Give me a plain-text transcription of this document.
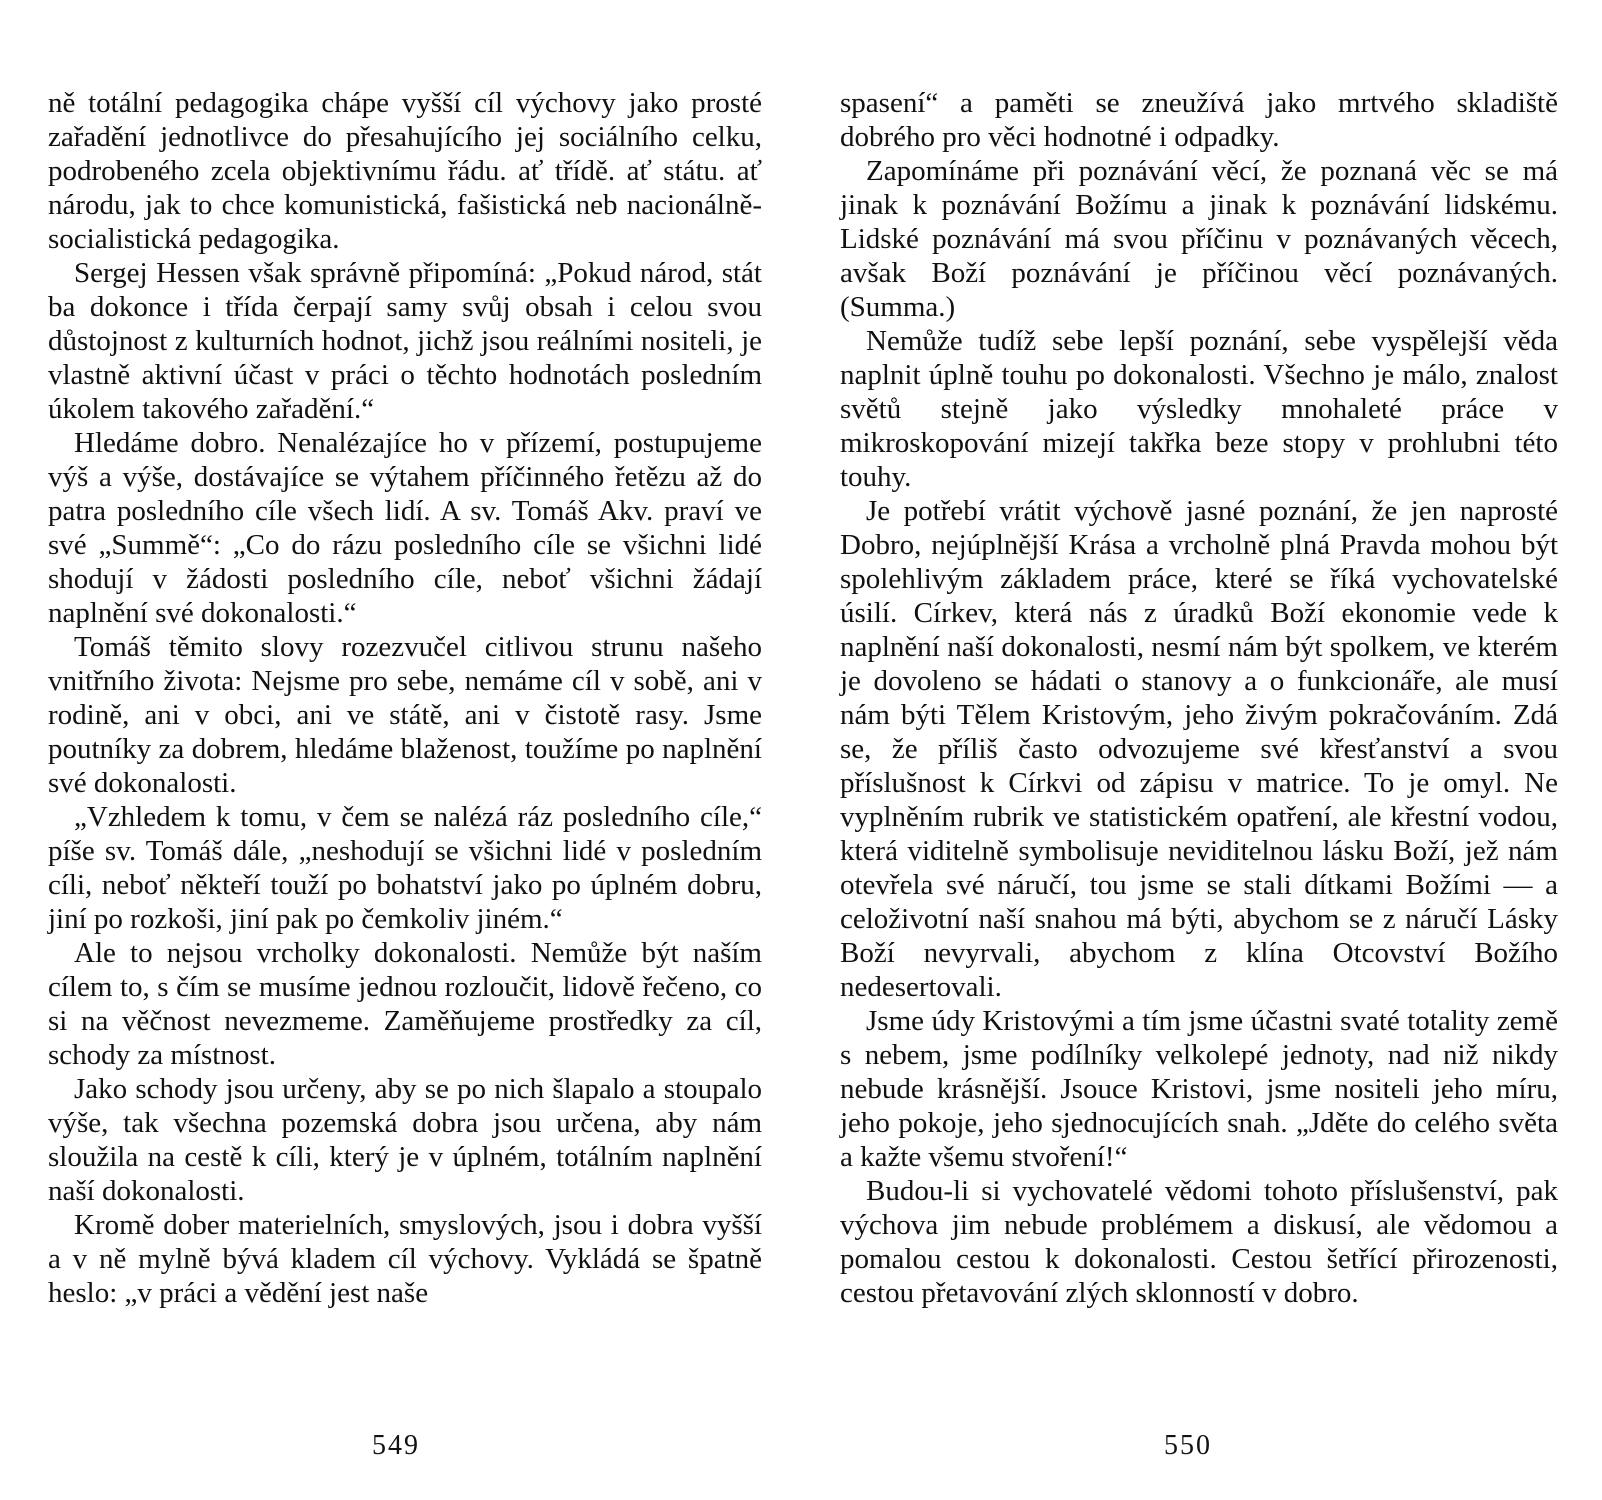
ně totální pedagogika chápe vyšší cíl výchovy jako prosté zařadění jednotlivce do přesahujícího jej sociálního celku, podrobeného zcela objektivnímu řádu. ať třídě. ať státu. ať národu, jak to chce komunistická, fašistická neb nacionálně-socialistická pedagogika.

Sergej Hessen však správně připomíná: „Pokud národ, stát ba dokonce i třída čerpají samy svůj obsah i celou svou důstojnost z kulturních hodnot, jichž jsou reálními nositeli, je vlastně aktivní účast v práci o těchto hodnotách posledním úkolem takového zařadění.“

Hledáme dobro. Nenalézajíce ho v přízemí, postupujeme výš a výše, dostávajíce se výtahem příčinného řetězu až do patra posledního cíle všech lidí. A sv. Tomáš Akv. praví ve své „Summě“: „Co do rázu posledního cíle se všichni lidé shodují v žádosti posledního cíle, neboť všichni žádají naplnění své dokonalosti.“

Tomáš těmito slovy rozezvučel citlivou strunu našeho vnitřního života: Nejsme pro sebe, nemáme cíl v sobě, ani v rodině, ani v obci, ani ve státě, ani v čistotě rasy. Jsme poutníky za dobrem, hledáme blaženost, toužíme po naplnění své dokonalosti.

„Vzhledem k tomu, v čem se nalézá ráz posledního cíle,“ píše sv. Tomáš dále, „neshodují se všichni lidé v posledním cíli, neboť někteří touží po bohatství jako po úplném dobru, jiní po rozkoši, jiní pak po čemkoliv jiném.“

Ale to nejsou vrcholky dokonalosti. Nemůže být naším cílem to, s čím se musíme jednou rozloučit, lidově řečeno, co si na věčnost nevezmeme. Zaměňujeme prostředky za cíl, schody za místnost.

Jako schody jsou určeny, aby se po nich šlapalo a stoupalo výše, tak všechna pozemská dobra jsou určena, aby nám sloužila na cestě k cíli, který je v úplném, totálním naplnění naší dokonalosti.

Kromě dober materielních, smyslových, jsou i dobra vyšší a v ně mylně bývá kladem cíl výchovy. Vykládá se špatně heslo: „v práci a vědění jest naše

549

spasení“ a paměti se zneužívá jako mrtvého skladiště dobrého pro věci hodnotné i odpadky.

Zapomínáme při poznávání věcí, že poznaná věc se má jinak k poznávání Božímu a jinak k poznávání lidskému. Lidské poznávání má svou příčinu v poznávaných věcech, avšak Boží poznávání je příčinou věcí poznávaných. (Summa.)

Nemůže tudíž sebe lepší poznání, sebe vyspělejší věda naplnit úplně touhu po dokonalosti. Všechno je málo, znalost světů stejně jako výsledky mnohaleté práce v mikroskopování mizejí takřka beze stopy v prohlubni této touhy.

Je potřebí vrátit výchově jasné poznání, že jen naprosté Dobro, nejúplnější Krása a vrcholně plná Pravda mohou být spolehlivým základem práce, které se říká vychovatelské úsilí. Církev, která nás z úradků Boží ekonomie vede k naplnění naší dokonalosti, nesmí nám být spolkem, ve kterém je dovoleno se hádati o stanovy a o funkcionáře, ale musí nám býti Tělem Kristovým, jeho živým pokračováním. Zdá se, že příliš často odvozujeme své křesťanství a svou příslušnost k Církvi od zápisu v matrice. To je omyl. Ne vyplněním rubrik ve statistickém opatření, ale křestní vodou, která viditelně symbolisuje neviditelnou lásku Boží, jež nám otevřela své náručí, tou jsme se stali dítkami Božími — a celoživotní naší snahou má býti, abychom se z náručí Lásky Boží nevyrvali, abychom z klína Otcovství Božího nedesertovali.

Jsme údy Kristovými a tím jsme účastni svaté totality země s nebem, jsme podílníky velkolepé jednoty, nad niž nikdy nebude krásnější. Jsouce Kristovi, jsme nositeli jeho míru, jeho pokoje, jeho sjednocujících snah. „Jděte do celého světa a kažte všemu stvoření!“

Budou-li si vychovatelé vědomi tohoto příslušenství, pak výchova jim nebude problémem a diskusí, ale vědomou a pomalou cestou k dokonalosti. Cestou šetřící přirozenosti, cestou přetavování zlých sklonností v dobro.

550
